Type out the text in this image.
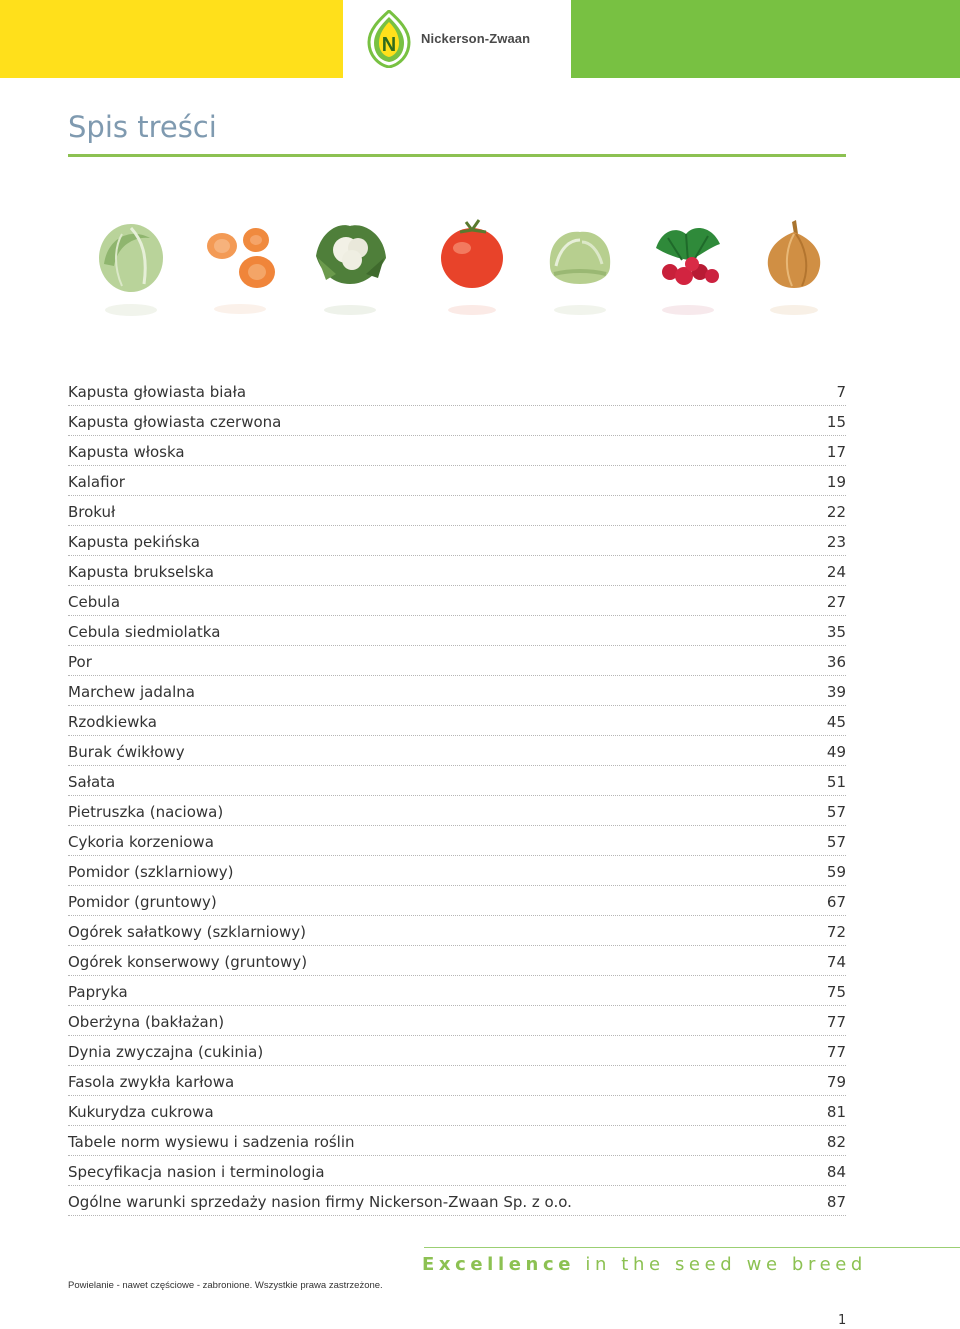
N Nickerson-Zwaan
Spis treści
Kapusta głowiasta biała	7
Kapusta głowiasta czerwona	15
Kapusta włoska	17
Kalafior	19
Brokuł	22
Kapusta pekińska	23
Kapusta brukselska	24
Cebula	27
Cebula siedmiolatka	35
Por	36
Marchew jadalna	39
Rzodkiewka	45
Burak ćwikłowy	49
Sałata	51
Pietruszka (naciowa)	57
Cykoria korzeniowa	57
Pomidor (szklarniowy)	59
Pomidor (gruntowy)	67
Ogórek sałatkowy (szklarniowy)	72
Ogórek konserwowy (gruntowy)	74
Papryka	75
Oberżyna (bakłażan)	77
Dynia zwyczajna (cukinia)	77
Fasola zwykła karłowa	79
Kukurydza cukrowa	81
Tabele norm wysiewu i sadzenia roślin	82
Specyfikacja nasion i terminologia	84
Ogólne warunki sprzedaży nasion firmy Nickerson-Zwaan Sp. z o.o.	87
Excellence in the seed we breed
Powielanie - nawet częściowe - zabronione. Wszystkie prawa zastrzeżone.
1
